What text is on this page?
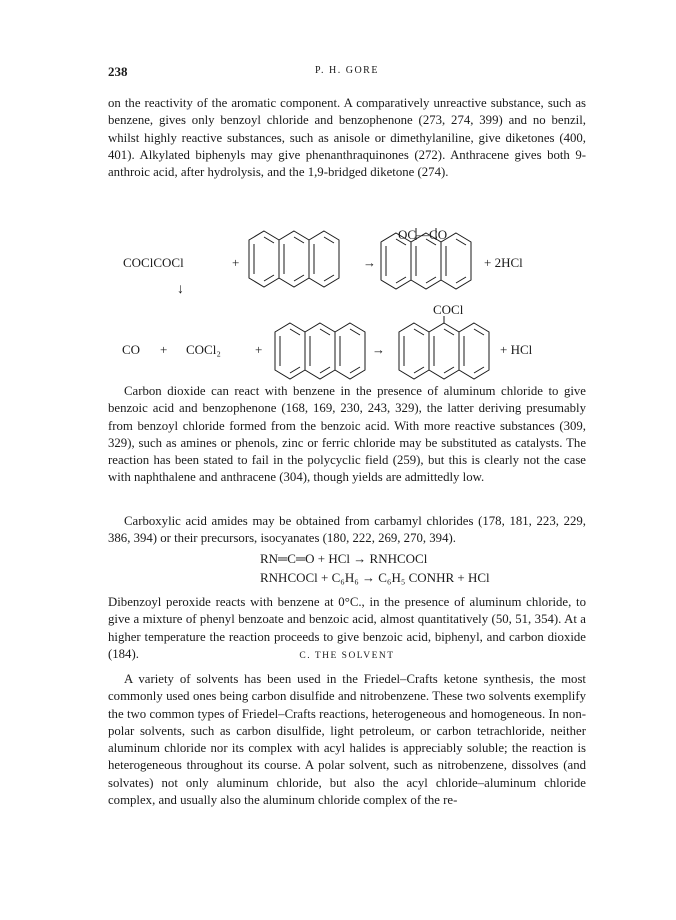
238	P. H. GORE

on the reactivity of the aromatic component. A comparatively unreactive substance, such as benzene, gives only benzoyl chloride and benzophenone (273, 274, 399) and no benzil, whilst highly reactive substances, such as anisole or dimethylaniline, give diketones (400, 401). Alkylated biphenyls may give phenanthraquinones (272). Anthracene gives both 9-anthroic acid, after hydrolysis, and the 1,9-bridged diketone (274).

OC—CO
COClCOCl	+	→	+ 2HCl
↓
COCl
CO + COCl₂	+	→	+ HCl

Carbon dioxide can react with benzene in the presence of aluminum chloride to give benzoic acid and benzophenone (168, 169, 230, 243, 329), the latter deriving presumably from benzoyl chloride formed from the benzoic acid. With more reactive substances (309, 329), such as amines or phenols, zinc or ferric chloride may be substituted as catalysts. The reaction has been stated to fail in the polycyclic field (259), but this is clearly not the case with naphthalene and anthracene (304), though yields are admittedly low.

Carboxylic acid amides may be obtained from carbamyl chlorides (178, 181, 223, 229, 386, 394) or their precursors, isocyanates (180, 222, 269, 270, 394).

RN═C═O + HCl → RNHCOCl
RNHCOCl + C₆H₆ → C₆H₅ CONHR + HCl

Dibenzoyl peroxide reacts with benzene at 0°C., in the presence of aluminum chloride, to give a mixture of phenyl benzoate and benzoic acid, almost quantitatively (50, 51, 354). At a higher temperature the reaction proceeds to give benzoic acid, biphenyl, and carbon dioxide (184).	C. THE SOLVENT

A variety of solvents has been used in the Friedel–Crafts ketone synthesis, the most commonly used ones being carbon disulfide and nitrobenzene. These two solvents exemplify the two common types of Friedel–Crafts reactions, heterogeneous and homogeneous. In non-polar solvents, such as carbon disulfide, light petroleum, or carbon tetrachloride, neither aluminum chloride nor its complex with acyl halides is appreciably soluble; the reaction is heterogeneous throughout its course. A polar solvent, such as nitrobenzene, dissolves (and solvates) not only aluminum chloride, but also the acyl chloride–aluminum chloride complex, and usually also the aluminum chloride complex of the re-
